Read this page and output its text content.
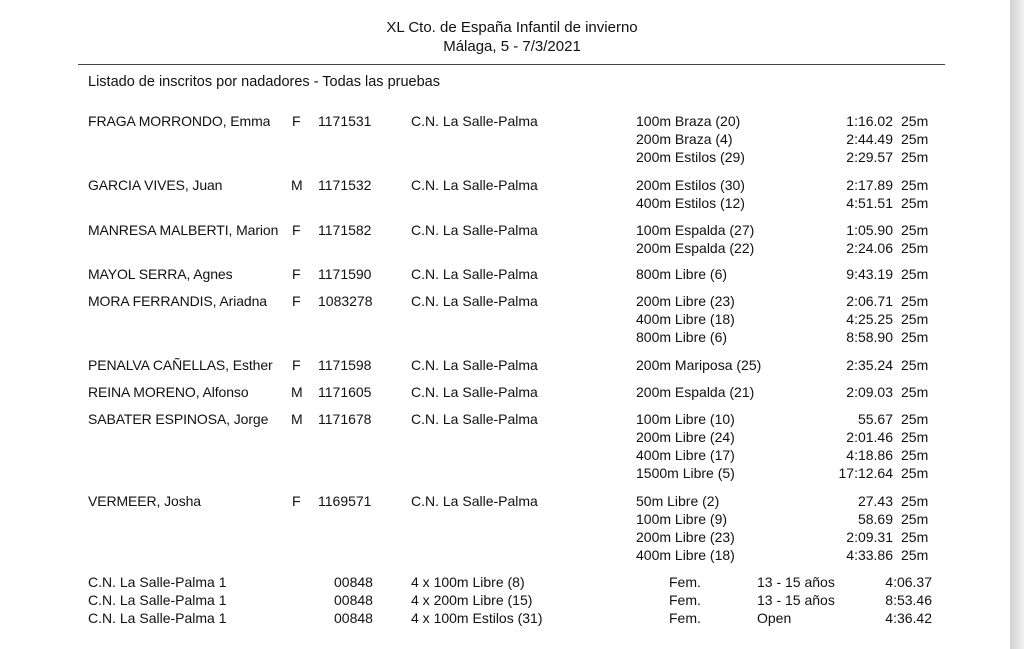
XL Cto. de España Infantil de invierno
Málaga, 5 - 7/3/2021
Listado de inscritos por nadadores - Todas las pruebas
FRAGA MORRONDO, Emma F 1171531	C.N. La Salle-Palma	100m Braza (20)	1:16.02 25m
200m Braza (4)	2:44.49 25m
200m Estilos (29)	2:29.57 25m
GARCIA VIVES, Juan	M 1171532	C.N. La Salle-Palma	200m Estilos (30)	2:17.89 25m
400m Estilos (12)	4:51.51 25m
MANRESA MALBERTI, Marion F 1171582	C.N. La Salle-Palma	100m Espalda (27)	1:05.90 25m
200m Espalda (22)	2:24.06 25m
MAYOL SERRA, Agnes	F 1171590	C.N. La Salle-Palma	800m Libre (6)	9:43.19 25m
MORA FERRANDIS, Ariadna F 1083278	C.N. La Salle-Palma	200m Libre (23)	2:06.71 25m
400m Libre (18)	4:25.25 25m
800m Libre (6)	8:58.90 25m
PENALVA CAÑELLAS, Esther F 1171598	C.N. La Salle-Palma	200m Mariposa (25)	2:35.24 25m
REINA MORENO, Alfonso	M 1171605	C.N. La Salle-Palma	200m Espalda (21)	2:09.03 25m
SABATER ESPINOSA, Jorge M 1171678	C.N. La Salle-Palma	100m Libre (10)	55.67 25m
200m Libre (24)	2:01.46 25m
400m Libre (17)	4:18.86 25m
1500m Libre (5)	17:12.64 25m
VERMEER, Josha	F 1169571	C.N. La Salle-Palma	50m Libre (2)	27.43 25m
100m Libre (9)	58.69 25m
200m Libre (23)	2:09.31 25m
400m Libre (18)	4:33.86 25m
C.N. La Salle-Palma 1	00848	4 x 100m Libre (8)	Fem.	13 - 15 años	4:06.37
C.N. La Salle-Palma 1	00848	4 x 200m Libre (15)	Fem.	13 - 15 años	8:53.46
C.N. La Salle-Palma 1	00848	4 x 100m Estilos (31)	Fem.	Open	4:36.42
